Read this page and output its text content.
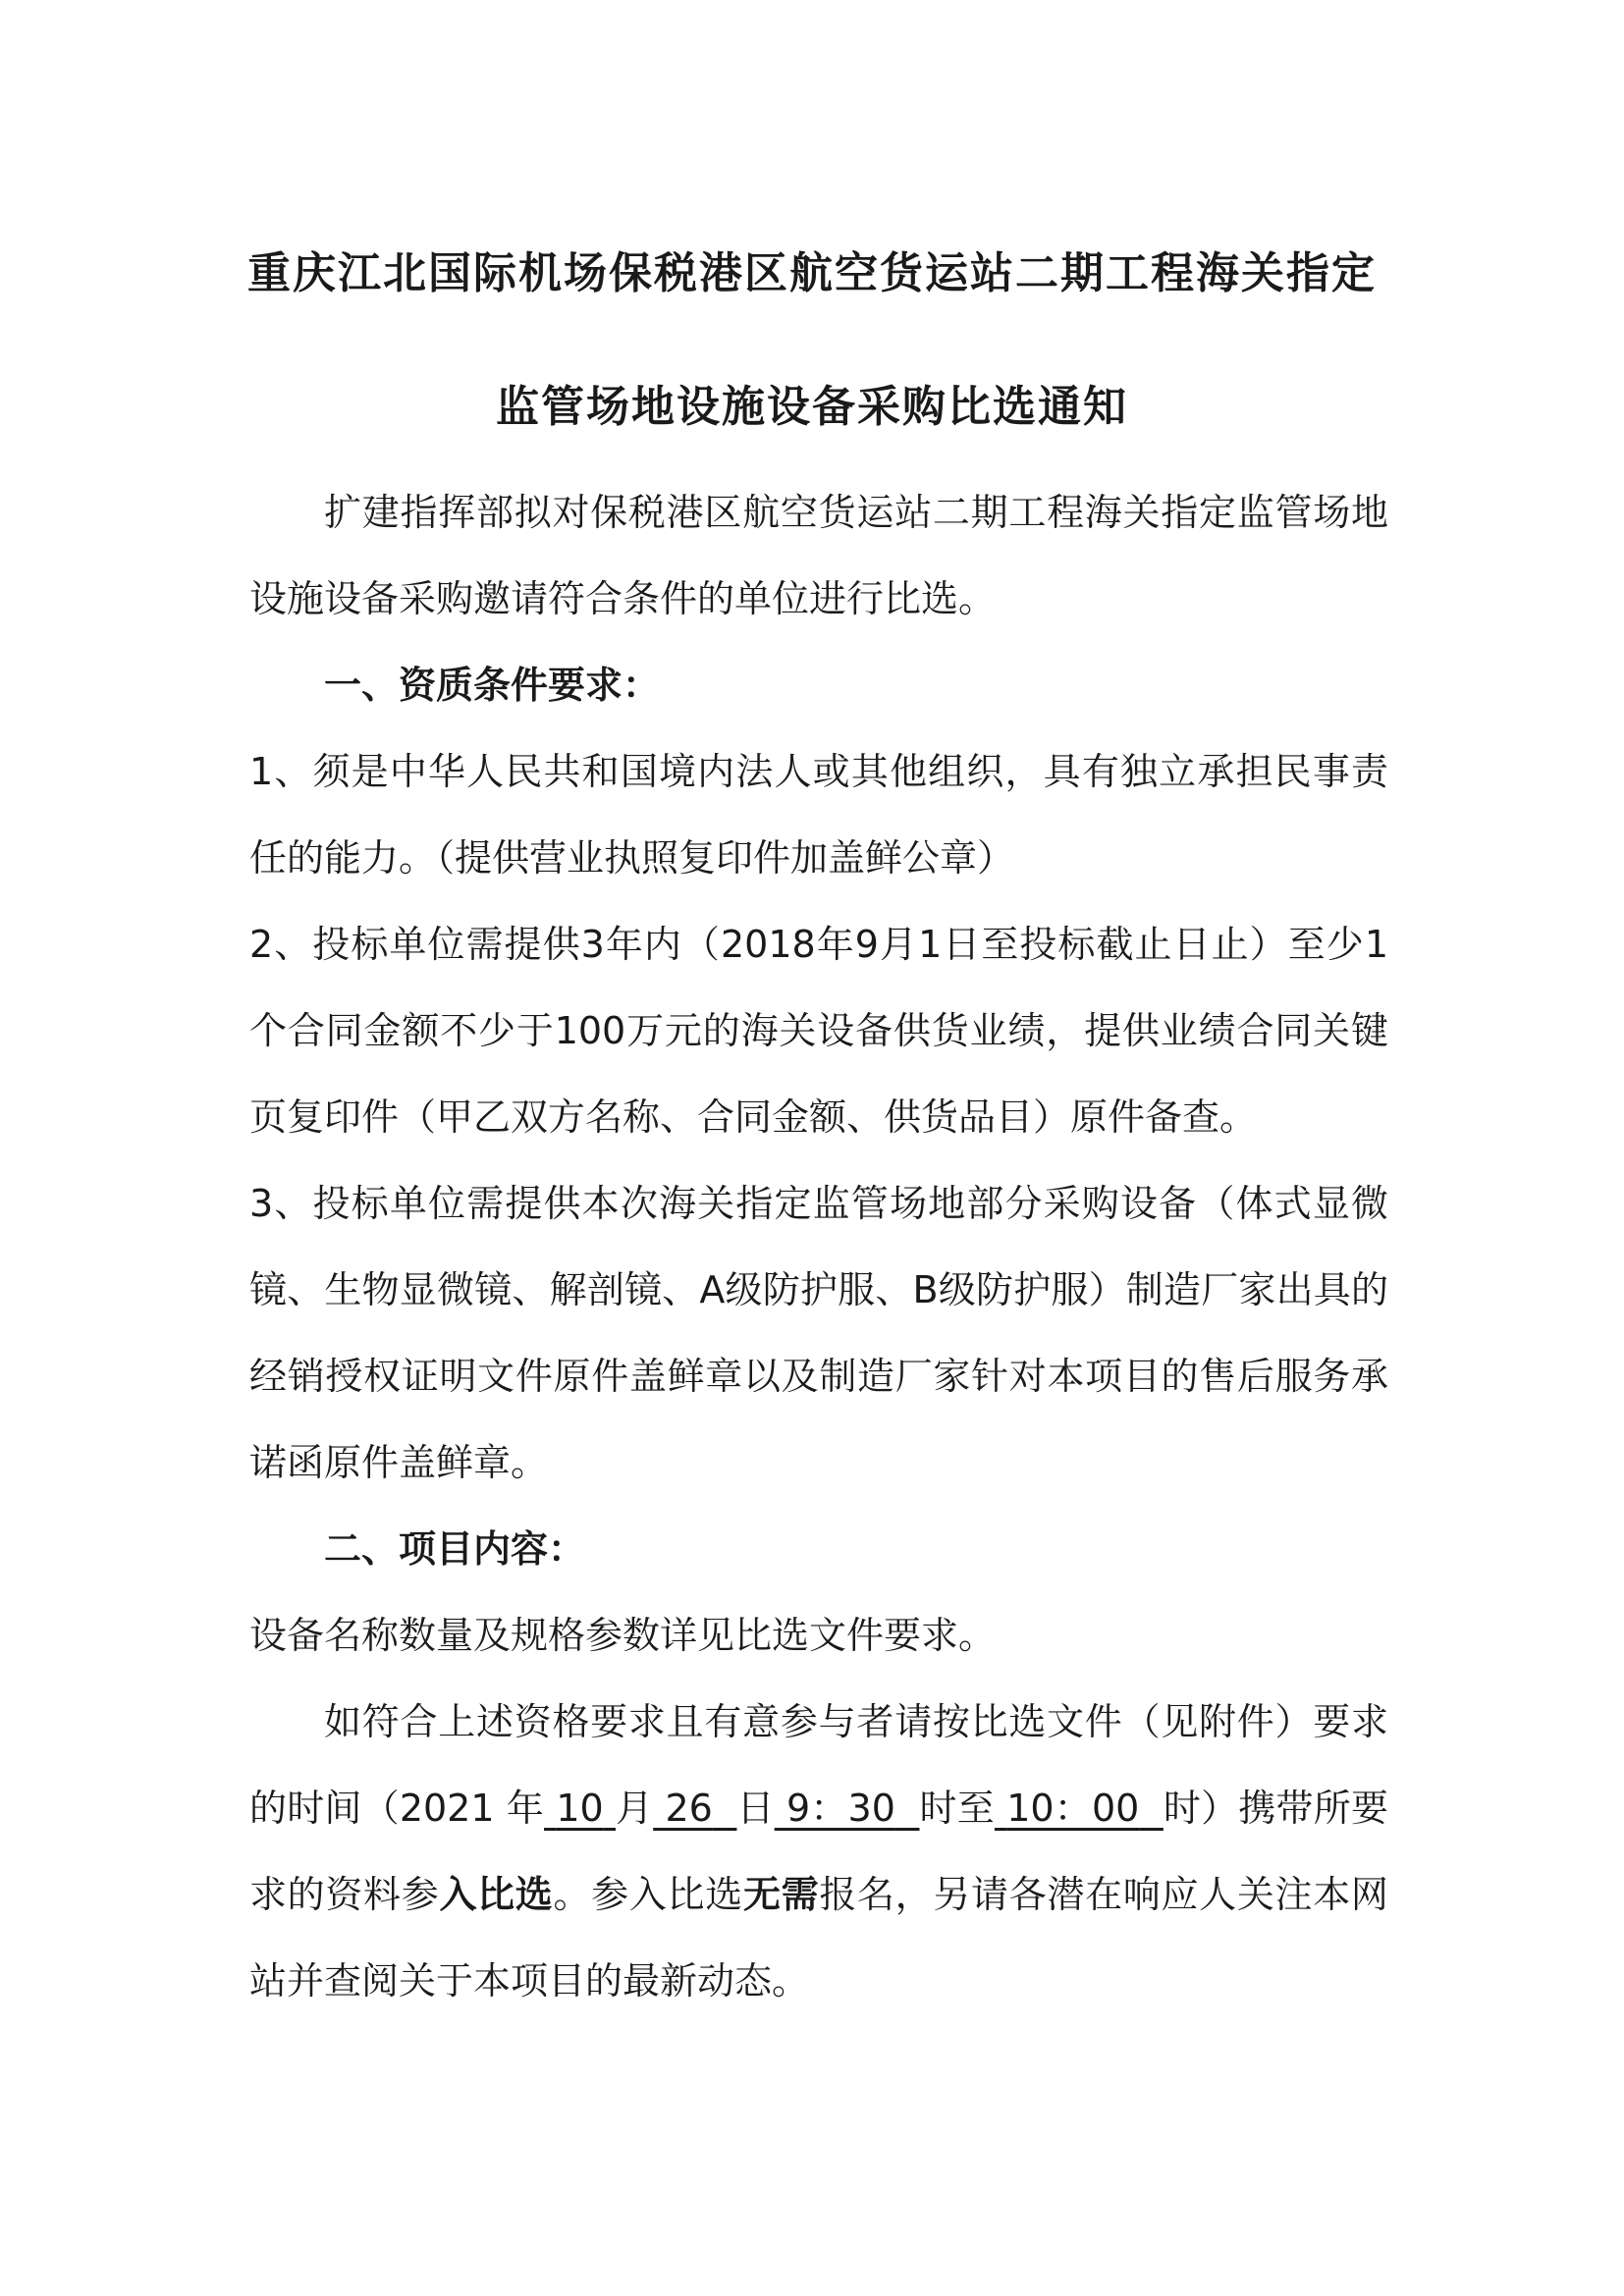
重庆江北国际机场保税港区航空货运站二期工程海关指定
监管场地设施设备采购比选通知

扩建指挥部拟对保税港区航空货运站二期工程海关指定监管场地设施设备采购邀请符合条件的单位进行比选。

一、资质条件要求：

1、须是中华人民共和国境内法人或其他组织，具有独立承担民事责任的能力。（提供营业执照复印件加盖鲜公章）

2、投标单位需提供3年内（2018年9月1日至投标截止日止）至少1个合同金额不少于100万元的海关设备供货业绩，提供业绩合同关键页复印件（甲乙双方名称、合同金额、供货品目）原件备查。

3、投标单位需提供本次海关指定监管场地部分采购设备（体式显微镜、生物显微镜、解剖镜、A级防护服、B级防护服）制造厂家出具的经销授权证明文件原件盖鲜章以及制造厂家针对本项目的售后服务承诺函原件盖鲜章。

二、项目内容：

设备名称数量及规格参数详见比选文件要求。

如符合上述资格要求且有意参与者请按比选文件（见附件）要求的时间（2021 年 10 月 26 日 9：30 时至 10：00 时）携带所要求的资料参入比选。参入比选无需报名，另请各潜在响应人关注本网站并查阅关于本项目的最新动态。
